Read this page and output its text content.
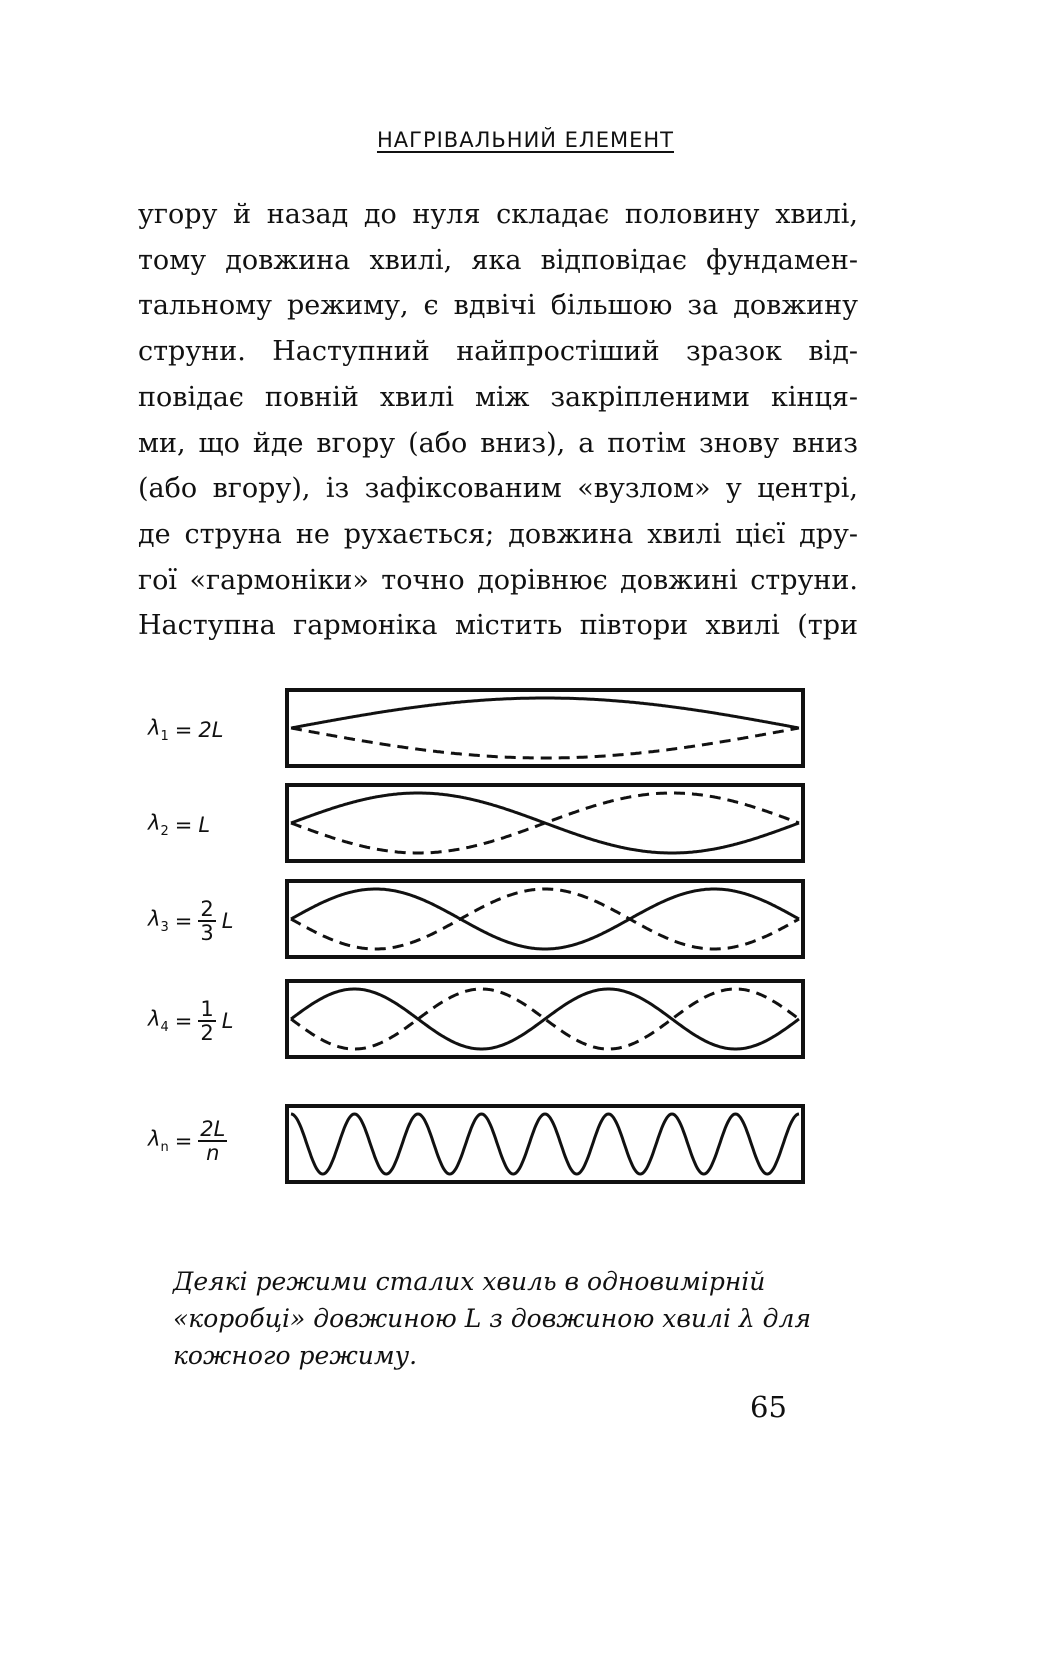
НАГРІВАЛЬНИЙ ЕЛЕМЕНТ
угору й назад до нуля складає половину хвилі,
тому довжина хвилі, яка відповідає фундамен-
тальному режиму, є вдвічі більшою за довжину
струни. Наступний найпростіший зразок від-
повідає повній хвилі між закріпленими кінця-
ми, що йде вгору (або вниз), а потім знову вниз
(або вгору), із зафіксованим «вузлом» у центрі,
де струна не рухається; довжина хвилі цієї дру-
гої «гармоніки» точно дорівнює довжині струни.
Наступна гармоніка містить півтори хвилі (три
$\lambda_1 = 2L$
$\lambda_2 = L$
$\lambda_3 = \frac{2}{3}$ L
$\lambda_4 = \frac{1}{2}$ L
$\lambda_n = \frac{2L}{n}$
Деякі режими сталих хвиль в одновимірній
«коробці» довжиною L з довжиною хвилі λ для
кожного режиму.
65
